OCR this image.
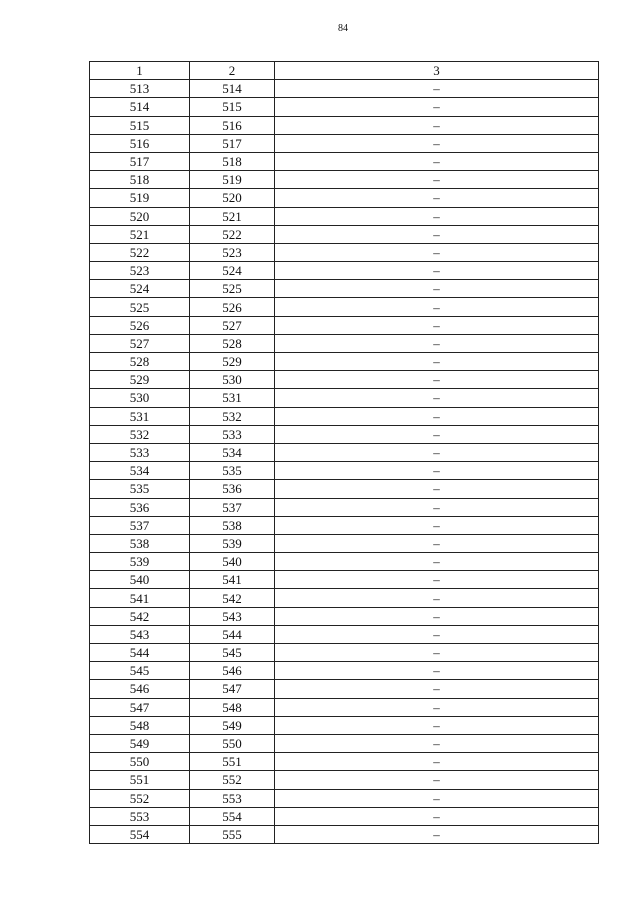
84
1	2	3
513	514	–
514	515	–
515	516	–
516	517	–
517	518	–
518	519	–
519	520	–
520	521	–
521	522	–
522	523	–
523	524	–
524	525	–
525	526	–
526	527	–
527	528	–
528	529	–
529	530	–
530	531	–
531	532	–
532	533	–
533	534	–
534	535	–
535	536	–
536	537	–
537	538	–
538	539	–
539	540	–
540	541	–
541	542	–
542	543	–
543	544	–
544	545	–
545	546	–
546	547	–
547	548	–
548	549	–
549	550	–
550	551	–
551	552	–
552	553	–
553	554	–
554	555	–
